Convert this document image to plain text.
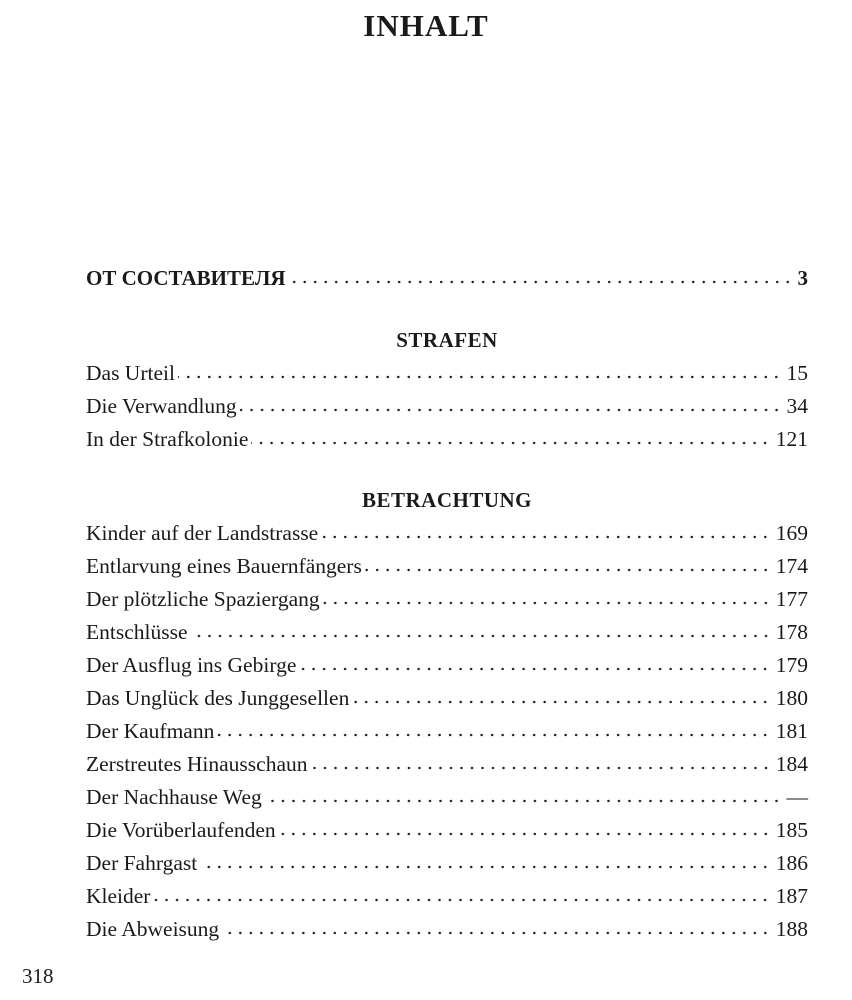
INHALT
ОТ СОСТАВИТЕЛЯ	3
STRAFEN
Das Urteil	15
Die Verwandlung	34
In der Strafkolonie	121
BETRACHTUNG
Kinder auf der Landstrasse	169
Entlarvung eines Bauernfängers	174
Der plötzliche Spaziergang	177
Entschlüsse	178
Der Ausflug ins Gebirge	179
Das Unglück des Junggesellen	180
Der Kaufmann	181
Zerstreutes Hinausschaun	184
Der Nachhause Weg	—
Die Vorüberlaufenden	185
Der Fahrgast	186
Kleider	187
Die Abweisung	188
318
